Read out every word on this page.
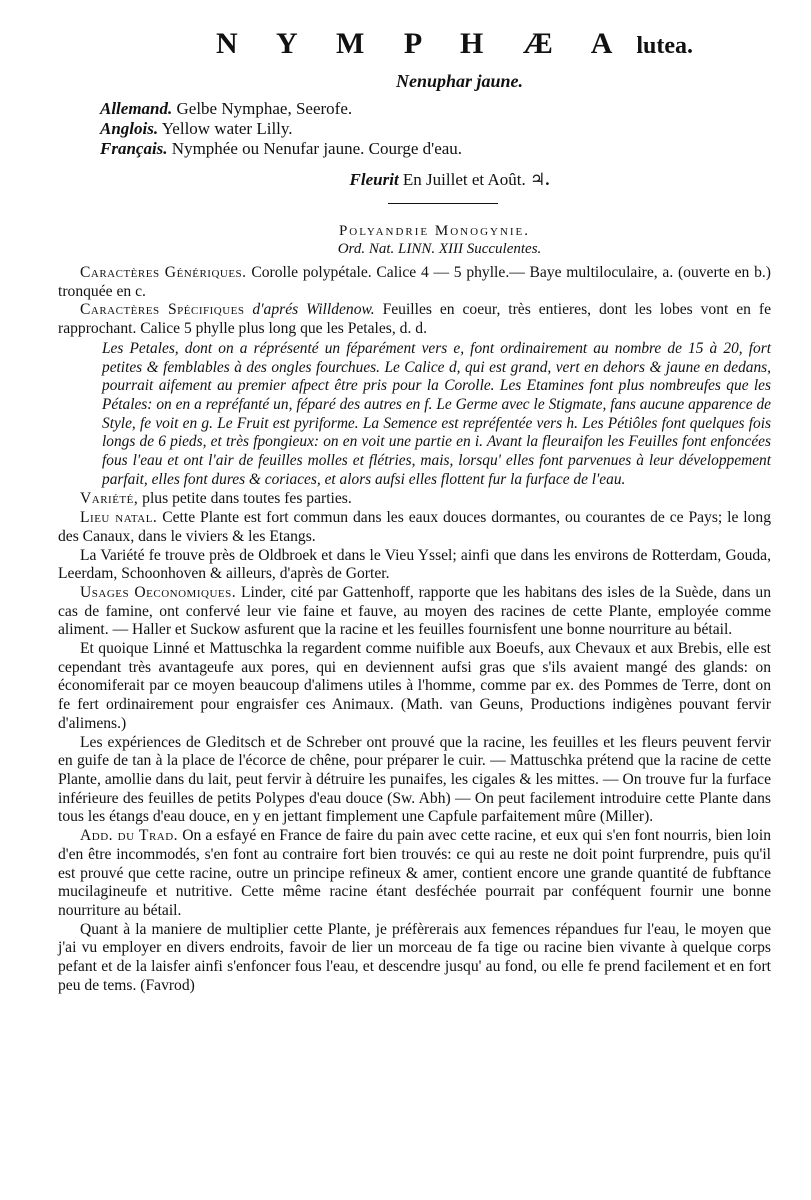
N Y M P H Æ A lutea.
Nenuphar jaune.
Allemand. Gelbe Nymphae, Seerofe.
Anglois. Yellow water Lilly.
Français. Nymphée ou Nenufar jaune. Courge d'eau.
Fleurit En Juillet et Août. ♃.
Polyandrie Monogynie.
Ord. Nat. LINN. XIII Succulentes.

Caractères Génériques. Corolle polypétale. Calice 4 — 5 phylle.— Baye multiloculaire, a. (ouverte en b.) tronquée en c.

Caractères Spécifiques d'aprés Willdenow. Feuilles en coeur, très entieres, dont les lobes vont en fe rapprochant. Calice 5 phylle plus long que les Petales, d. d.

Les Petales, dont on a réprésenté un féparément vers e, font ordinairement au nombre de 15 à 20, fort petites & femblables à des ongles fourchues. Le Calice d, qui est grand, vert en dehors & jaune en dedans, pourrait aifement au premier afpect être pris pour la Corolle. Les Etamines font plus nombreufes que les Pétales: on en a repréfanté un, féparé des autres en f. Le Germe avec le Stigmate, fans aucune apparence de Style, fe voit en g. Le Fruit est pyriforme. La Semence est repréfentée vers h. Les Pétiôles font quelques fois longs de 6 pieds, et très fpongieux: on en voit une partie en i. Avant la fleuraifon les Feuilles font enfoncées fous l'eau et ont l'air de feuilles molles et flétries, mais, lorsqu' elles font parvenues à leur développement parfait, elles font dures & coriaces, et alors aufsi elles flottent fur la furface de l'eau.

Variété, plus petite dans toutes fes parties.

Lieu natal. Cette Plante est fort commun dans les eaux douces dormantes, ou courantes de ce Pays; le long des Canaux, dans le viviers & les Etangs.

La Variété fe trouve près de Oldbroek et dans le Vieu Yssel; ainfi que dans les environs de Rotterdam, Gouda, Leerdam, Schoonhoven & ailleurs, d'après de Gorter.

Usages Oeconomiques. Linder, cité par Gattenhoff, rapporte que les habitans des isles de la Suède, dans un cas de famine, ont confervé leur vie faine et fauve, au moyen des racines de cette Plante, employée comme aliment. — Haller et Suckow asfurent que la racine et les feuilles fournisfent une bonne nourriture au bétail.

Et quoique Linné et Mattuschka la regardent comme nuifible aux Boeufs, aux Chevaux et aux Brebis, elle est cependant très avantageufe aux pores, qui en deviennent aufsi gras que s'ils avaient mangé des glands: on économiferait par ce moyen beaucoup d'alimens utiles à l'homme, comme par ex. des Pommes de Terre, dont on fe fert ordinairement pour engraisfer ces Animaux. (Math. van Geuns, Productions indigènes pouvant fervir d'alimens.)

Les expériences de Gleditsch et de Schreber ont prouvé que la racine, les feuilles et les fleurs peuvent fervir en guife de tan à la place de l'écorce de chêne, pour préparer le cuir. — Mattuschka prétend que la racine de cette Plante, amollie dans du lait, peut fervir à détruire les punaifes, les cigales & les mittes. — On trouve fur la furface inférieure des feuilles de petits Polypes d'eau douce (Sw. Abh) — On peut facilement introduire cette Plante dans tous les étangs d'eau douce, en y en jettant fimplement une Capfule parfaitement mûre (Miller).

Add. du Trad. On a esfayé en France de faire du pain avec cette racine, et eux qui s'en font nourris, bien loin d'en être incommodés, s'en font au contraire fort bien trouvés: ce qui au reste ne doit point furprendre, puis qu'il est prouvé que cette racine, outre un principe refineux & amer, contient encore une grande quantité de fubftance mucilagineufe et nutritive. Cette même racine étant desféchée pourrait par conféquent fournir une bonne nourriture au bétail.

Quant à la maniere de multiplier cette Plante, je préfèrerais aux femences répandues fur l'eau, le moyen que j'ai vu employer en divers endroits, favoir de lier un morceau de fa tige ou racine bien vivante à quelque corps pefant et de la laisfer ainfi s'enfoncer fous l'eau, et descendre jusqu' au fond, ou elle fe prend facilement et en fort peu de tems. (Favrod)
